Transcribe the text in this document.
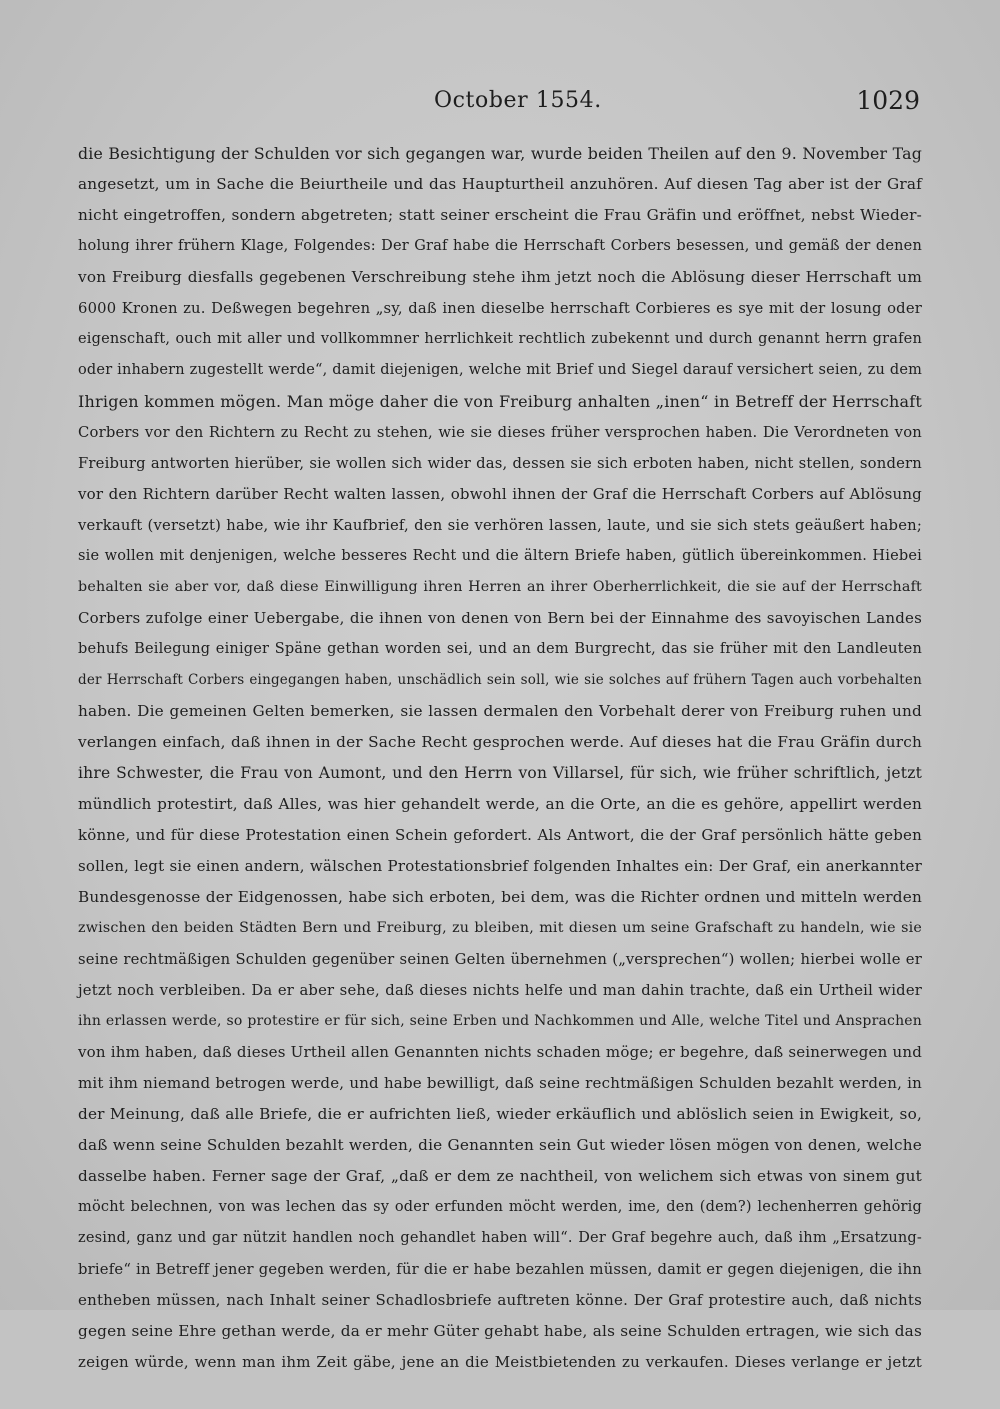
October 1554.	1029
die Besichtigung der Schulden vor sich gegangen war, wurde beiden Theilen auf den 9. November Tag
angesetzt, um in Sache die Beiurtheile und das Haupturtheil anzuhören. Auf diesen Tag aber ist der Graf
nicht eingetroffen, sondern abgetreten; statt seiner erscheint die Frau Gräfin und eröffnet, nebst Wieder-
holung ihrer frühern Klage, Folgendes: Der Graf habe die Herrschaft Corbers besessen, und gemäß der denen
von Freiburg diesfalls gegebenen Verschreibung stehe ihm jetzt noch die Ablösung dieser Herrschaft um
6000 Kronen zu. Deßwegen begehren „sy, daß inen dieselbe herrschaft Corbieres es sye mit der losung oder
eigenschaft, ouch mit aller und vollkommner herrlichkeit rechtlich zubekennt und durch genannt herrn grafen
oder inhabern zugestellt werde“, damit diejenigen, welche mit Brief und Siegel darauf versichert seien, zu dem
Ihrigen kommen mögen. Man möge daher die von Freiburg anhalten „inen“ in Betreff der Herrschaft
Corbers vor den Richtern zu Recht zu stehen, wie sie dieses früher versprochen haben. Die Verordneten von
Freiburg antworten hierüber, sie wollen sich wider das, dessen sie sich erboten haben, nicht stellen, sondern
vor den Richtern darüber Recht walten lassen, obwohl ihnen der Graf die Herrschaft Corbers auf Ablösung
verkauft (versetzt) habe, wie ihr Kaufbrief, den sie verhören lassen, laute, und sie sich stets geäußert haben;
sie wollen mit denjenigen, welche besseres Recht und die ältern Briefe haben, gütlich übereinkommen. Hiebei
behalten sie aber vor, daß diese Einwilligung ihren Herren an ihrer Oberherrlichkeit, die sie auf der Herrschaft
Corbers zufolge einer Uebergabe, die ihnen von denen von Bern bei der Einnahme des savoyischen Landes
behufs Beilegung einiger Späne gethan worden sei, und an dem Burgrecht, das sie früher mit den Landleuten
der Herrschaft Corbers eingegangen haben, unschädlich sein soll, wie sie solches auf frühern Tagen auch vorbehalten
haben. Die gemeinen Gelten bemerken, sie lassen dermalen den Vorbehalt derer von Freiburg ruhen und
verlangen einfach, daß ihnen in der Sache Recht gesprochen werde. Auf dieses hat die Frau Gräfin durch
ihre Schwester, die Frau von Aumont, und den Herrn von Villarsel, für sich, wie früher schriftlich, jetzt
mündlich protestirt, daß Alles, was hier gehandelt werde, an die Orte, an die es gehöre, appellirt werden
könne, und für diese Protestation einen Schein gefordert. Als Antwort, die der Graf persönlich hätte geben
sollen, legt sie einen andern, wälschen Protestationsbrief folgenden Inhaltes ein: Der Graf, ein anerkannter
Bundesgenosse der Eidgenossen, habe sich erboten, bei dem, was die Richter ordnen und mitteln werden
zwischen den beiden Städten Bern und Freiburg, zu bleiben, mit diesen um seine Grafschaft zu handeln, wie sie
seine rechtmäßigen Schulden gegenüber seinen Gelten übernehmen („versprechen“) wollen; hierbei wolle er
jetzt noch verbleiben. Da er aber sehe, daß dieses nichts helfe und man dahin trachte, daß ein Urtheil wider
ihn erlassen werde, so protestire er für sich, seine Erben und Nachkommen und Alle, welche Titel und Ansprachen
von ihm haben, daß dieses Urtheil allen Genannten nichts schaden möge; er begehre, daß seinerwegen und
mit ihm niemand betrogen werde, und habe bewilligt, daß seine rechtmäßigen Schulden bezahlt werden, in
der Meinung, daß alle Briefe, die er aufrichten ließ, wieder erkäuflich und ablöslich seien in Ewigkeit, so,
daß wenn seine Schulden bezahlt werden, die Genannten sein Gut wieder lösen mögen von denen, welche
dasselbe haben. Ferner sage der Graf, „daß er dem ze nachtheil, von welichem sich etwas von sinem gut
möcht belechnen, von was lechen das sy oder erfunden möcht werden, ime, den (dem?) lechenherren gehörig
zesind, ganz und gar nützit handlen noch gehandlet haben will“. Der Graf begehre auch, daß ihm „Ersatzung-
briefe“ in Betreff jener gegeben werden, für die er habe bezahlen müssen, damit er gegen diejenigen, die ihn
entheben müssen, nach Inhalt seiner Schadlosbriefe auftreten könne. Der Graf protestire auch, daß nichts
gegen seine Ehre gethan werde, da er mehr Güter gehabt habe, als seine Schulden ertragen, wie sich das
zeigen würde, wenn man ihm Zeit gäbe, jene an die Meistbietenden zu verkaufen. Dieses verlange er jetzt
